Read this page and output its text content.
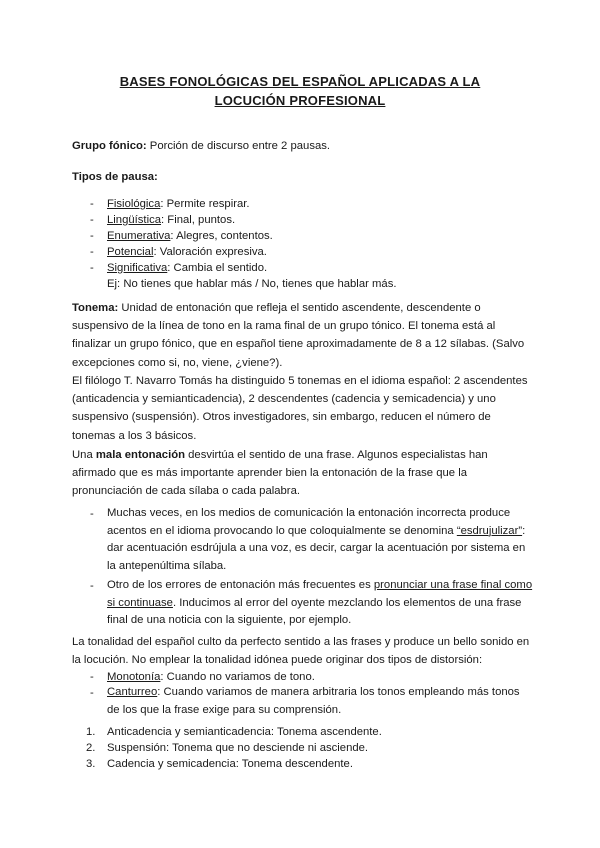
BASES FONOLÓGICAS DEL ESPAÑOL APLICADAS A LA
LOCUCIÓN PROFESIONAL
Grupo fónico: Porción de discurso entre 2 pausas.
Tipos de pausa:
- Fisiológica: Permite respirar.
- Lingüística: Final, puntos.
- Enumerativa: Alegres, contentos.
- Potencial: Valoración expresiva.
- Significativa: Cambia el sentido.
Ej: No tienes que hablar más / No, tienes que hablar más.

Tonema: Unidad de entonación que refleja el sentido ascendente, descendente o suspensivo de la línea de tono en la rama final de un grupo tónico. El tonema está al finalizar un grupo fónico, que en español tiene aproximadamente de 8 a 12 sílabas. (Salvo excepciones como si, no, viene, ¿viene?).

El filólogo T. Navarro Tomás ha distinguido 5 tonemas en el idioma español: 2 ascendentes (anticadencia y semianticadencia), 2 descendentes (cadencia y semicadencia) y uno suspensivo (suspensión). Otros investigadores, sin embargo, reducen el número de tonemas a los 3 básicos.

Una mala entonación desvirtúa el sentido de una frase. Algunos especialistas han afirmado que es más importante aprender bien la entonación de la frase que la pronunciación de cada sílaba o cada palabra.

- Muchas veces, en los medios de comunicación la entonación incorrecta produce acentos en el idioma provocando lo que coloquialmente se denomina “esdrujulizar”: dar acentuación esdrújula a una voz, es decir, cargar la acentuación por sistema en la antepenúltima sílaba.
- Otro de los errores de entonación más frecuentes es pronunciar una frase final como si continuase. Inducimos al error del oyente mezclando los elementos de una frase final de una noticia con la siguiente, por ejemplo.

La tonalidad del español culto da perfecto sentido a las frases y produce un bello sonido en la locución. No emplear la tonalidad idónea puede originar dos tipos de distorsión:

- Monotonía: Cuando no variamos de tono.
- Canturreo: Cuando variamos de manera arbitraria los tonos empleando más tonos de los que la frase exige para su comprensión.
1. Anticadencia y semianticadencia: Tonema ascendente.
2. Suspensión: Tonema que no desciende ni asciende.
3. Cadencia y semicadencia: Tonema descendente.
